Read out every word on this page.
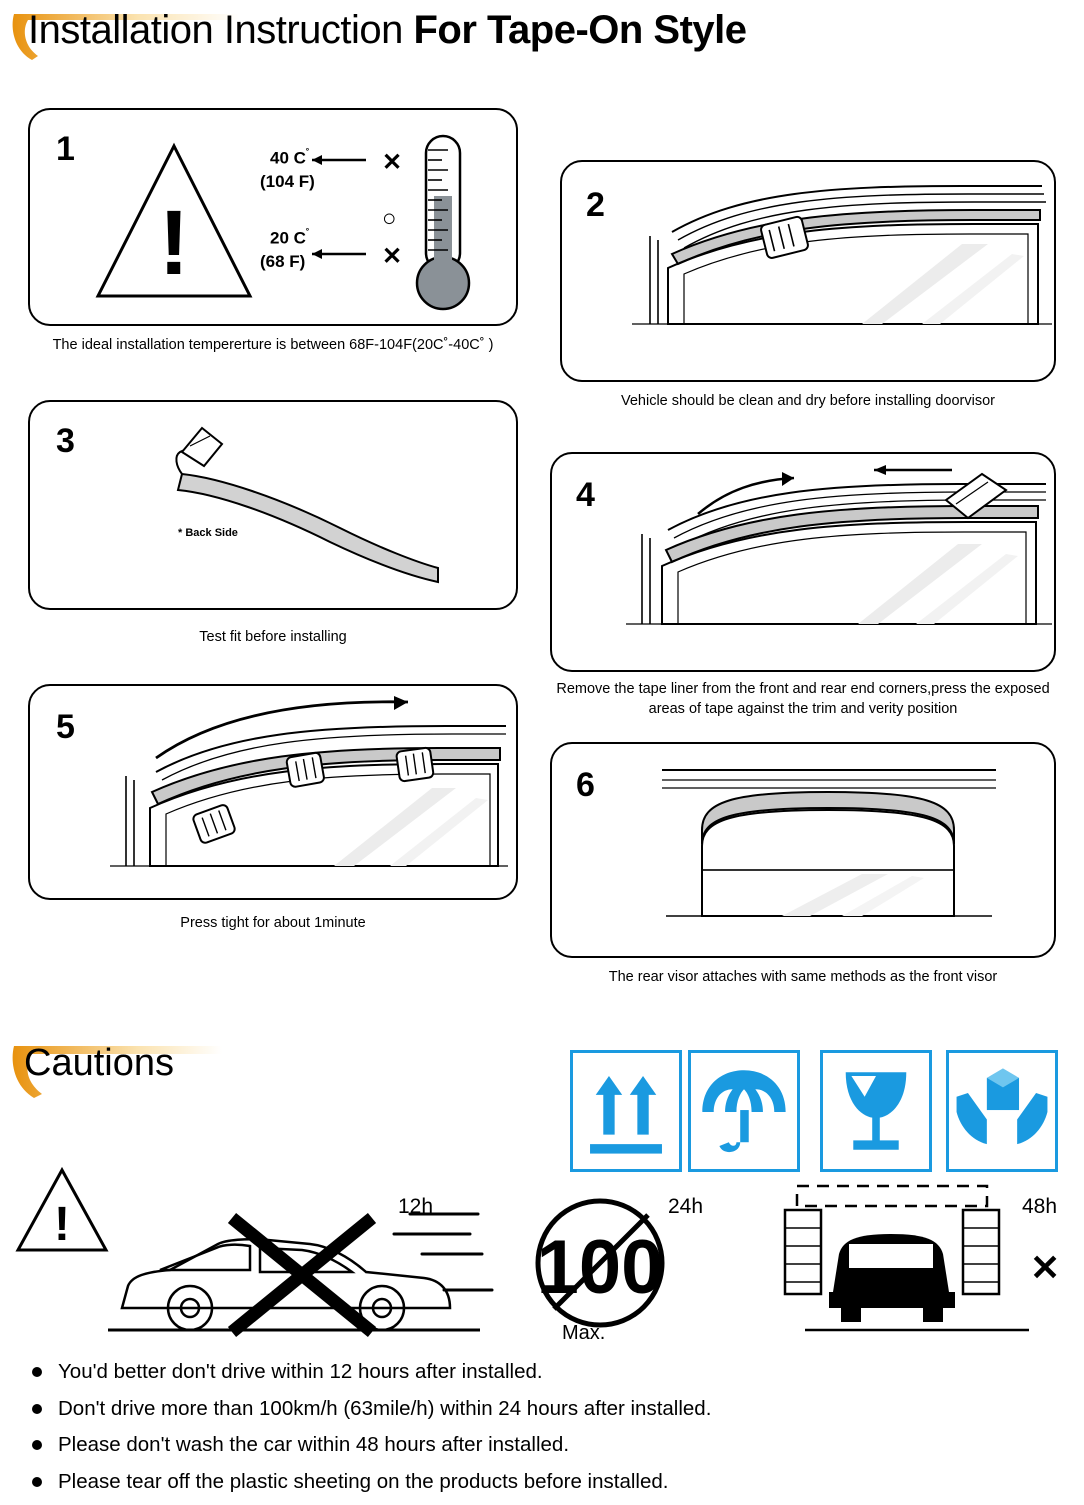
Installation Instruction For Tape-On Style
1
!
✕
○
✕
40 C˚
(104 F)
20 C˚
(68 F)
The ideal installation tempererture is between 68F-104F(20C˚-40C˚ )
2
Vehicle should be clean and dry before installing doorvisor
3
* Back Side
Test fit before installing
4
Remove the tape liner from the front and rear end corners,press the exposed areas of tape against the trim and verity position
5
Press tight for about 1minute
6
The rear visor attaches with same methods as the front visor
Cautions
!
100
12h	24h	48h
Max.
✕
You'd better don't drive within 12 hours after installed.
Don't drive more than 100km/h (63mile/h) within 24 hours after installed.
Please don't wash the car within 48 hours after installed.
Please tear off the plastic sheeting on the products before installed.
